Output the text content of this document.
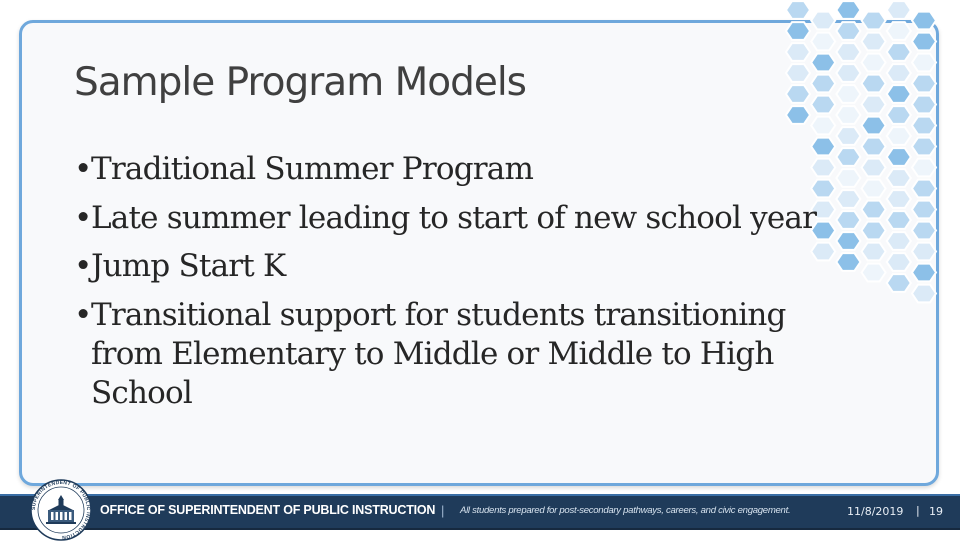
Sample Program Models
• Traditional Summer Program
• Late summer leading to start of new school year
• Jump Start K
• Transitional support for students transitioning from Elementary to Middle or Middle to High School
OFFICE OF SUPERINTENDENT OF PUBLIC INSTRUCTION | All students prepared for post-secondary pathways, careers, and civic engagement.	11/8/2019 | 19
SUPERINTENDENT OF PUBLIC INSTRUCTION
